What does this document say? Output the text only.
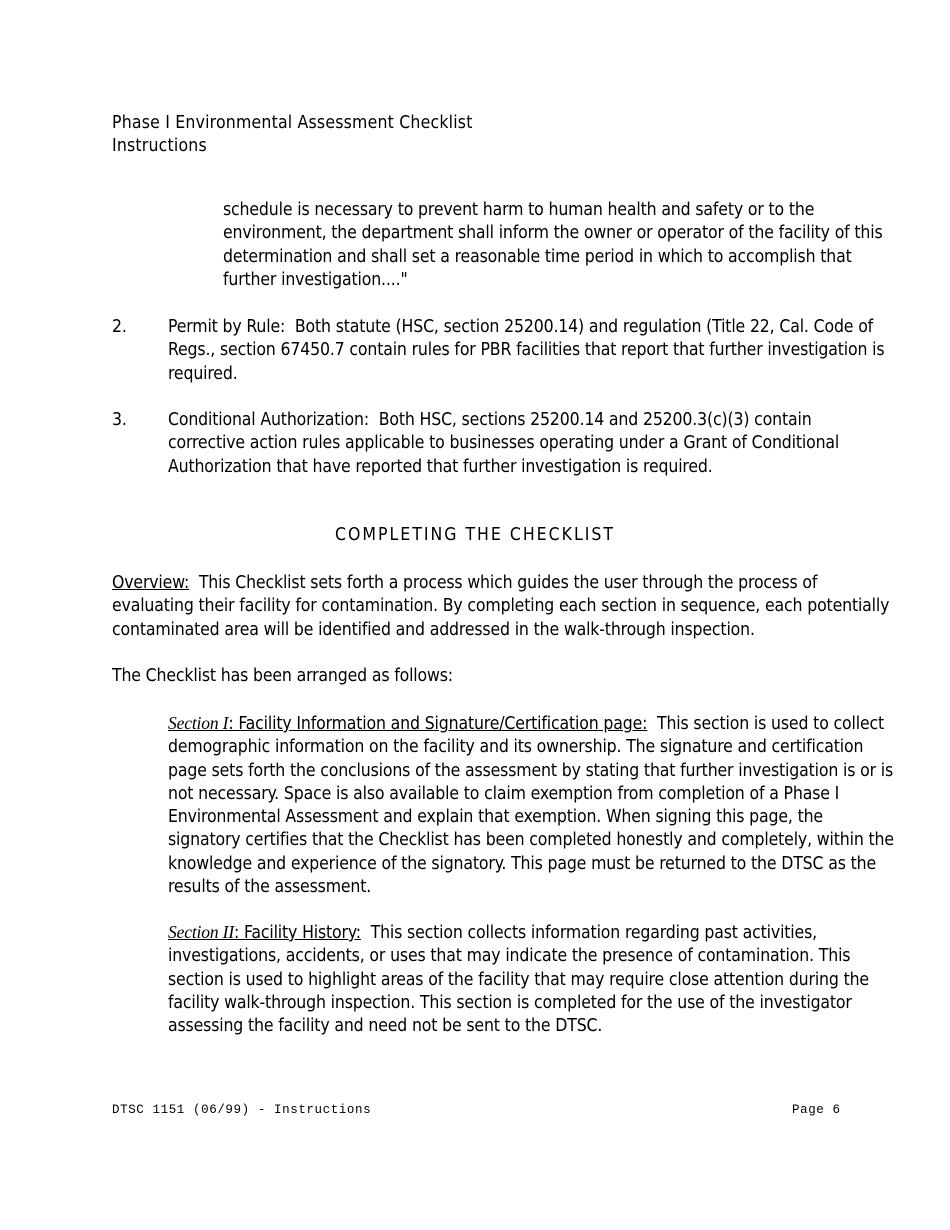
Phase I Environmental Assessment Checklist
Instructions
schedule is necessary to prevent harm to human health and safety or to the environment, the department shall inform the owner or operator of the facility of this determination and shall set a reasonable time period in which to accomplish that further investigation...."
2. Permit by Rule: Both statute (HSC, section 25200.14) and regulation (Title 22, Cal. Code of Regs., section 67450.7 contain rules for PBR facilities that report that further investigation is required.
3. Conditional Authorization: Both HSC, sections 25200.14 and 25200.3(c)(3) contain corrective action rules applicable to businesses operating under a Grant of Conditional Authorization that have reported that further investigation is required.
COMPLETING THE CHECKLIST
Overview: This Checklist sets forth a process which guides the user through the process of evaluating their facility for contamination. By completing each section in sequence, each potentially contaminated area will be identified and addressed in the walk-through inspection.
The Checklist has been arranged as follows:
Section I: Facility Information and Signature/Certification page: This section is used to collect demographic information on the facility and its ownership. The signature and certification page sets forth the conclusions of the assessment by stating that further investigation is or is not necessary. Space is also available to claim exemption from completion of a Phase I Environmental Assessment and explain that exemption. When signing this page, the signatory certifies that the Checklist has been completed honestly and completely, within the knowledge and experience of the signatory. This page must be returned to the DTSC as the results of the assessment.
Section II: Facility History: This section collects information regarding past activities, investigations, accidents, or uses that may indicate the presence of contamination. This section is used to highlight areas of the facility that may require close attention during the facility walk-through inspection. This section is completed for the use of the investigator assessing the facility and need not be sent to the DTSC.
DTSC 1151 (06/99) - Instructions	Page 6
